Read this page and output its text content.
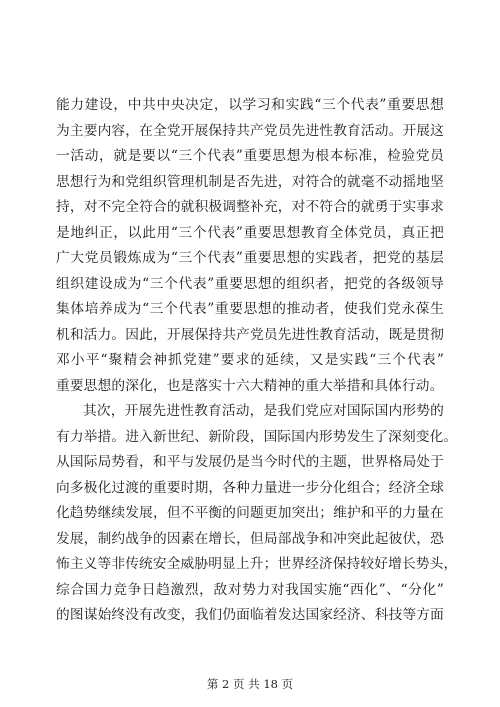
能力建设，中共中央决定，以学习和实践“三个代表”重要思想

为主要内容，在全党开展保持共产党员先进性教育活动。开展这

一活动，就是要以“三个代表”重要思想为根本标准，检验党员

思想行为和党组织管理机制是否先进，对符合的就毫不动摇地坚

持，对不完全符合的就积极调整补充，对不符合的就勇于实事求

是地纠正，以此用“三个代表”重要思想教育全体党员，真正把

广大党员锻炼成为“三个代表”重要思想的实践者，把党的基层

组织建设成为“三个代表”重要思想的组织者，把党的各级领导

集体培养成为“三个代表”重要思想的推动者，使我们党永葆生

机和活力。因此，开展保持共产党员先进性教育活动，既是贯彻

邓小平“聚精会神抓党建”要求的延续，又是实践“三个代表”

重要思想的深化，也是落实十六大精神的重大举措和具体行动。

其次，开展先进性教育活动，是我们党应对国际国内形势的

有力举措。进入新世纪、新阶段，国际国内形势发生了深刻变化。

从国际局势看，和平与发展仍是当今时代的主题，世界格局处于

向多极化过渡的重要时期，各种力量进一步分化组合；经济全球

化趋势继续发展，但不平衡的问题更加突出；维护和平的力量在

发展，制约战争的因素在增长，但局部战争和冲突此起彼伏，恐

怖主义等非传统安全威胁明显上升；世界经济保持较好增长势头，

综合国力竞争日趋激烈，敌对势力对我国实施“西化”、“分化”

的图谋始终没有改变，我们仍面临着发达国家经济、科技等方面

第 2 页 共 18 页
